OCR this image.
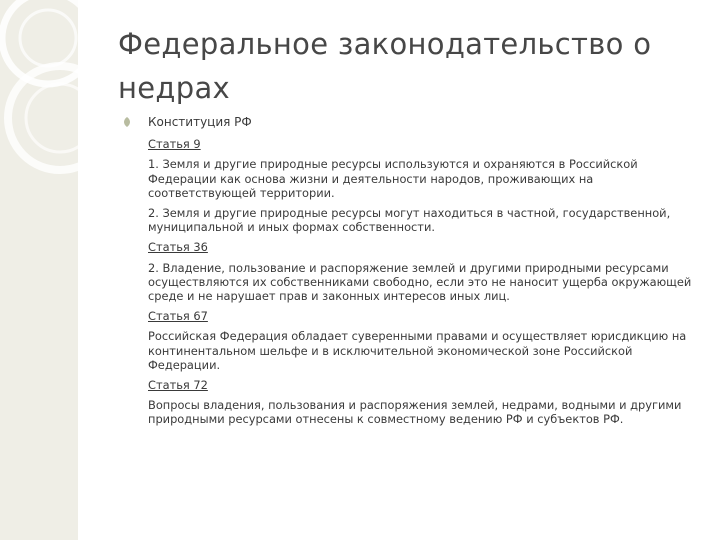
Федеральное законодательство о недрах
Конституция РФ
Статья 9
1. Земля и другие природные ресурсы используются и охраняются в Российской Федерации как основа жизни и деятельности народов, проживающих на соответствующей территории.
2. Земля и другие природные ресурсы могут находиться в частной, государственной, муниципальной и иных формах собственности.
Статья 36
2. Владение, пользование и распоряжение землей и другими природными ресурсами осуществляются их собственниками свободно, если это не наносит ущерба окружающей среде и не нарушает прав и законных интересов иных лиц.
Статья 67
Российская Федерация обладает суверенными правами и осуществляет юрисдикцию на континентальном шельфе и в исключительной экономической зоне Российской Федерации.
Статья 72
Вопросы владения, пользования и распоряжения землей, недрами, водными и другими природными ресурсами отнесены к совместному ведению РФ и субъектов РФ.
